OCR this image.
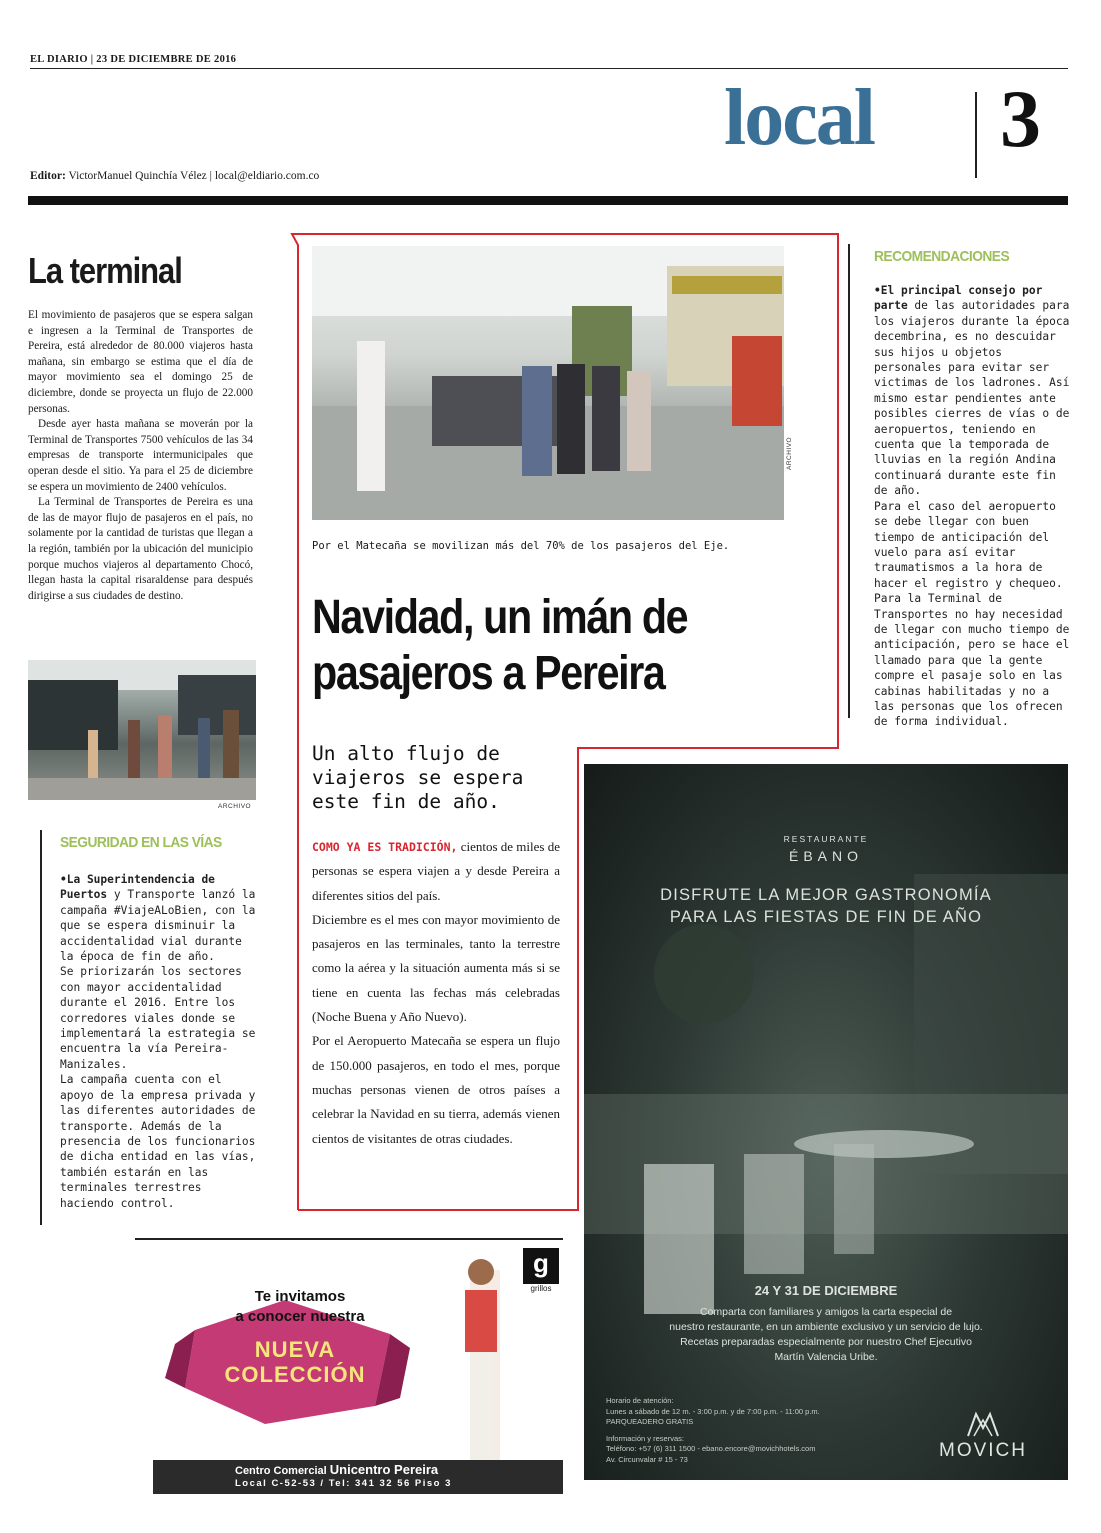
EL DIARIO | 23 DE DICIEMBRE DE 2016
local 3
Editor: VictorManuel Quinchía Vélez | local@eldiario.com.co
La terminal

El movimiento de pasajeros que se espera salgan e ingresen a la Terminal de Transportes de Pereira, está alrededor de 80.000 viajeros hasta mañana, sin embargo se estima que el día de mayor movimiento sea el domingo 25 de diciembre, donde se proyecta un flujo de 22.000 personas.

Desde ayer hasta mañana se moverán por la Terminal de Transportes 7500 vehículos de las 34 empresas de transporte intermunicipales que operan desde el sitio. Ya para el 25 de diciembre se espera un movimiento de 2400 vehículos.

La Terminal de Transportes de Pereira es una de las de mayor flujo de pasajeros en el país, no solamente por la cantidad de turistas que llegan a la región, también por la ubicación del municipio porque muchos viajeros al departamento Chocó, llegan hasta la capital risaraldense para después dirigirse a sus ciudades de destino.

ARCHIVO
SEGURIDAD EN LAS VÍAS

•La Superintendencia de Puertos y Transporte lanzó la campaña #ViajeALoBien, con la que se espera disminuir la accidentalidad vial durante la época de fin de año.

Se priorizarán los sectores con mayor accidentalidad durante el 2016. Entre los corredores viales donde se implementará la estrategia se encuentra la vía Pereira-Manizales.

La campaña cuenta con el apoyo de la empresa privada y las diferentes autoridades de transporte. Además de la presencia de los funcionarios de dicha entidad en las vías, también estarán en las terminales terrestres haciendo control.

ARCHIVO
Por el Matecaña se movilizan más del 70% de los pasajeros del Eje.
Navidad, un imán de
pasajeros a Pereira
Un alto flujo de viajeros se espera este fin de año.

COMO YA ES TRADICIÓN, cientos de miles de personas se espera viajen a y desde Pereira a diferentes sitios del país.

Diciembre es el mes con mayor movimiento de pasajeros en las terminales, tanto la terrestre como la aérea y la situación aumenta más si se tiene en cuenta las fechas más celebradas (Noche Buena y Año Nuevo).

Por el Aeropuerto Matecaña se espera un flujo de 150.000 pasajeros, en todo el mes, porque muchas personas vienen de otros países a celebrar la Navidad en su tierra, además vienen cientos de visitantes de otras ciudades.

RECOMENDACIONES

•El principal consejo por parte de las autoridades para los viajeros durante la época decembrina, es no descuidar sus hijos u objetos personales para evitar ser victimas de los ladrones. Así mismo estar pendientes ante posibles cierres de vías o de aeropuertos, teniendo en cuenta que la temporada de lluvias en la región Andina continuará durante este fin de año.

Para el caso del aeropuerto se debe llegar con buen tiempo de anticipación del vuelo para así evitar traumatismos a la hora de hacer el registro y chequeo.

Para la Terminal de Transportes no hay necesidad de llegar con mucho tiempo de anticipación, pero se hace el llamado para que la gente compre el pasaje solo en las cabinas habilitadas y no a las personas que los ofrecen de forma individual.

RESTAURANTE
ÉBANO
DISFRUTE LA MEJOR GASTRONOMÍA
PARA LAS FIESTAS DE FIN DE AÑO
24 Y 31 DE DICIEMBRE
Comparta con familiares y amigos la carta especial de
nuestro restaurante, en un ambiente exclusivo y un servicio de lujo.
Recetas preparadas especialmente por nuestro Chef Ejecutivo
Martín Valencia Uribe.
Horario de atención:
Lunes a sábado de 12 m. - 3:00 p.m. y de 7:00 p.m. - 11:00 p.m.
PARQUEADERO GRATIS
Información y reservas:
Teléfono: +57 (6) 311 1500 - ebano.encore@movichhotels.com
Av. Circunvalar # 15 - 73	MOVICH
g
grillos
Te invitamos
a conocer nuestra
NUEVA
COLECCIÓN
Centro Comercial Unicentro Pereira
Local C-52-53 / Tel: 341 32 56 Piso 3
